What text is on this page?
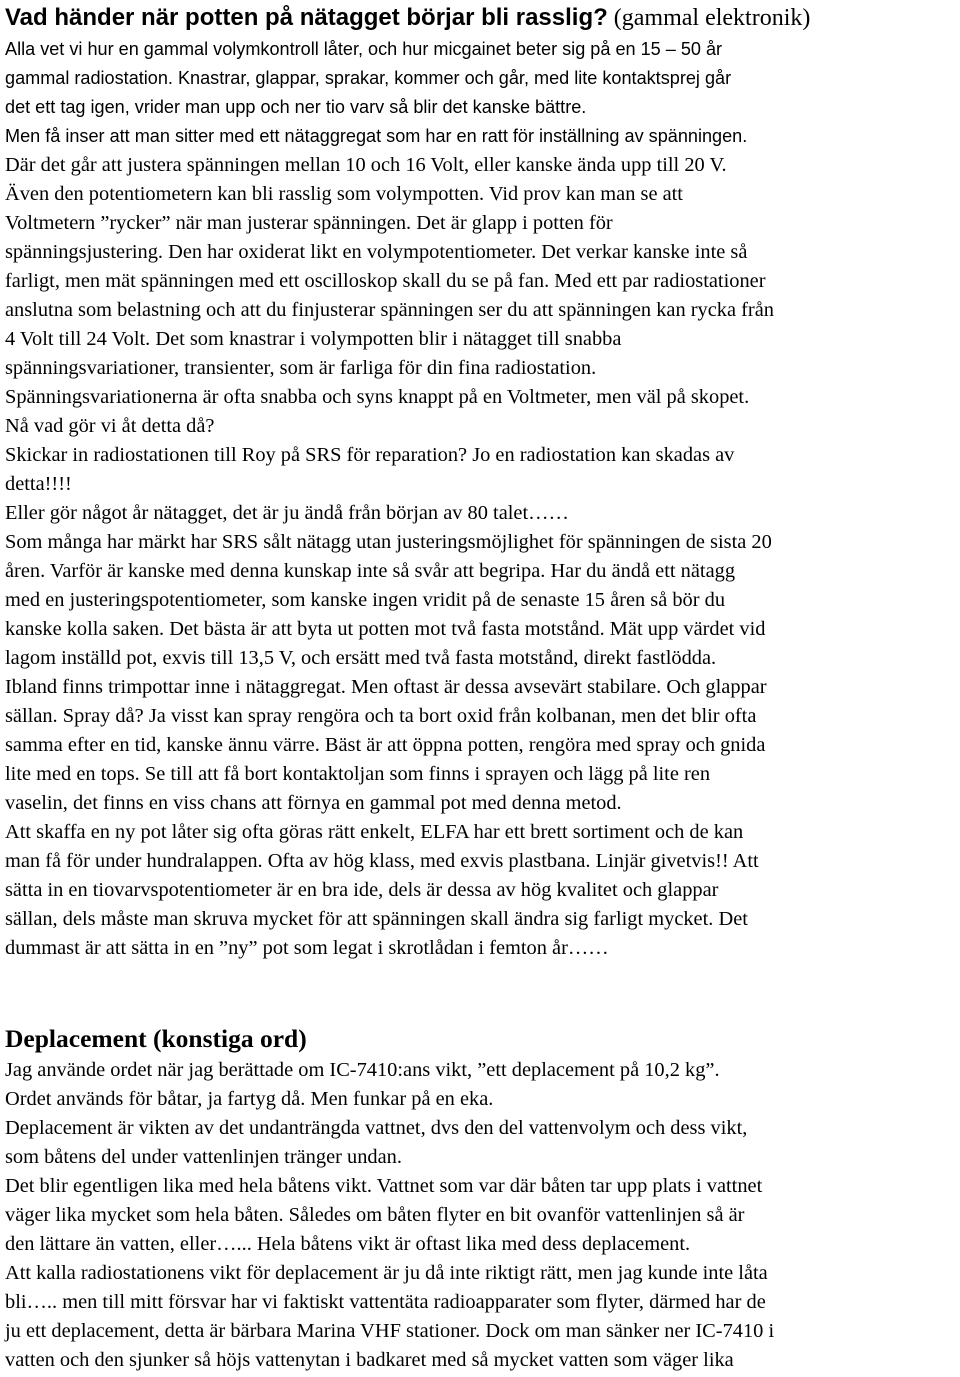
Vad händer när potten på nätagget börjar bli rasslig? (gammal elektronik)
Alla vet vi hur en gammal volymkontroll låter, och hur micgainet beter sig på en 15 – 50 år
gammal radiostation. Knastrar, glappar, sprakar, kommer och går, med lite kontaktsprej går
det ett tag igen, vrider man upp och ner tio varv så blir det kanske bättre.
Men få inser att man sitter med ett nätaggregat som har en ratt för inställning av spänningen.
Där det går att justera spänningen mellan 10 och 16 Volt, eller kanske ända upp till 20 V.
Även den potentiometern kan bli rasslig som volympotten. Vid prov kan man se att
Voltmetern ”rycker” när man justerar spänningen. Det är glapp i potten för
spänningsjustering. Den har oxiderat likt en volympotentiometer. Det verkar kanske inte så
farligt, men mät spänningen med ett oscilloskop skall du se på fan. Med ett par radiostationer
anslutna som belastning och att du finjusterar spänningen ser du att spänningen kan rycka från
4 Volt till 24 Volt. Det som knastrar i volympotten blir i nätagget till snabba
spänningsvariationer, transienter, som är farliga för din fina radiostation.
Spänningsvariationerna är ofta snabba och syns knappt på en Voltmeter, men väl på skopet.
Nå vad gör vi åt detta då?
Skickar in radiostationen till Roy på SRS för reparation? Jo en radiostation kan skadas av
detta!!!!
Eller gör något år nätagget, det är ju ändå från början av 80 talet……
Som många har märkt har SRS sålt nätagg utan justeringsmöjlighet för spänningen de sista 20
åren. Varför är kanske med denna kunskap inte så svår att begripa. Har du ändå ett nätagg
med en justeringspotentiometer, som kanske ingen vridit på de senaste 15 åren så bör du
kanske kolla saken. Det bästa är att byta ut potten mot två fasta motstånd. Mät upp värdet vid
lagom inställd pot, exvis till 13,5 V, och ersätt med två fasta motstånd, direkt fastlödda.
Ibland finns trimpottar inne i nätaggregat. Men oftast är dessa avsevärt stabilare. Och glappar
sällan. Spray då? Ja visst kan spray rengöra och ta bort oxid från kolbanan, men det blir ofta
samma efter en tid, kanske ännu värre. Bäst är att öppna potten, rengöra med spray och gnida
lite med en tops. Se till att få bort kontaktoljan som finns i sprayen och lägg på lite ren
vaselin, det finns en viss chans att förnya en gammal pot med denna metod.
Att skaffa en ny pot låter sig ofta göras rätt enkelt, ELFA har ett brett sortiment och de kan
man få för under hundralappen. Ofta av hög klass, med exvis plastbana. Linjär givetvis!! Att
sätta in en tiovarvspotentiometer är en bra ide, dels är dessa av hög kvalitet och glappar
sällan, dels måste man skruva mycket för att spänningen skall ändra sig farligt mycket. Det
dummast är att sätta in en ”ny” pot som legat i skrotlådan i femton år……
Deplacement (konstiga ord)
Jag använde ordet när jag berättade om IC-7410:ans vikt, ”ett deplacement på 10,2 kg”.
Ordet används för båtar, ja fartyg då. Men funkar på en eka.
Deplacement är vikten av det undanträngda vattnet, dvs den del vattenvolym och dess vikt,
som båtens del under vattenlinjen tränger undan.
Det blir egentligen lika med hela båtens vikt. Vattnet som var där båten tar upp plats i vattnet
väger lika mycket som hela båten. Således om båten flyter en bit ovanför vattenlinjen så är
den lättare än vatten, eller…... Hela båtens vikt är oftast lika med dess deplacement.
Att kalla radiostationens vikt för deplacement är ju då inte riktigt rätt, men jag kunde inte låta
bli….. men till mitt försvar har vi faktiskt vattentäta radioapparater som flyter, därmed har de
ju ett deplacement, detta är bärbara Marina VHF stationer. Dock om man sänker ner IC-7410 i
vatten och den sjunker så höjs vattenytan i badkaret med så mycket vatten som väger lika
